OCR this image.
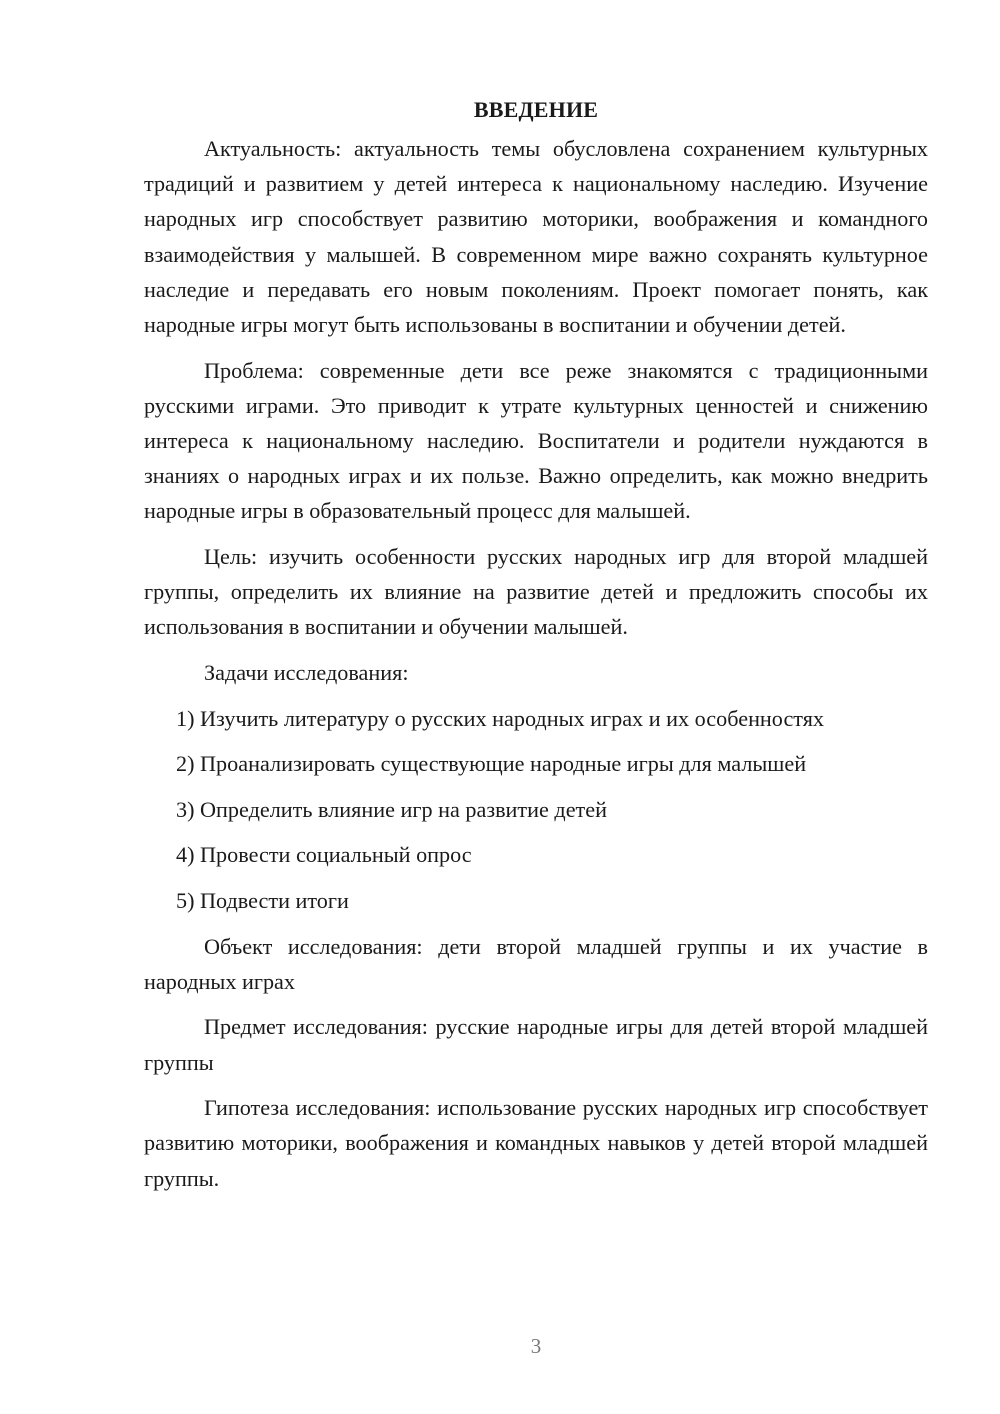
ВВЕДЕНИЕ

Актуальность: актуальность темы обусловлена сохранением культурных традиций и развитием у детей интереса к национальному наследию. Изучение народных игр способствует развитию моторики, воображения и командного взаимодействия у малышей. В современном мире важно сохранять культурное наследие и передавать его новым поколениям. Проект помогает понять, как народные игры могут быть использованы в воспитании и обучении детей.

Проблема: современные дети все реже знакомятся с традиционными русскими играми. Это приводит к утрате культурных ценностей и снижению интереса к национальному наследию. Воспитатели и родители нуждаются в знаниях о народных играх и их пользе. Важно определить, как можно внедрить народные игры в образовательный процесс для малышей.

Цель: изучить особенности русских народных игр для второй младшей группы, определить их влияние на развитие детей и предложить способы их использования в воспитании и обучении малышей.

Задачи исследования:

1) Изучить литературу о русских народных играх и их особенностях
2) Проанализировать существующие народные игры для малышей
3) Определить влияние игр на развитие детей
4) Провести социальный опрос
5) Подвести итоги

Объект исследования: дети второй младшей группы и их участие в народных играх

Предмет исследования: русские народные игры для детей второй младшей группы

Гипотеза исследования: использование русских народных игр способствует развитию моторики, воображения и командных навыков у детей второй младшей группы.

3
